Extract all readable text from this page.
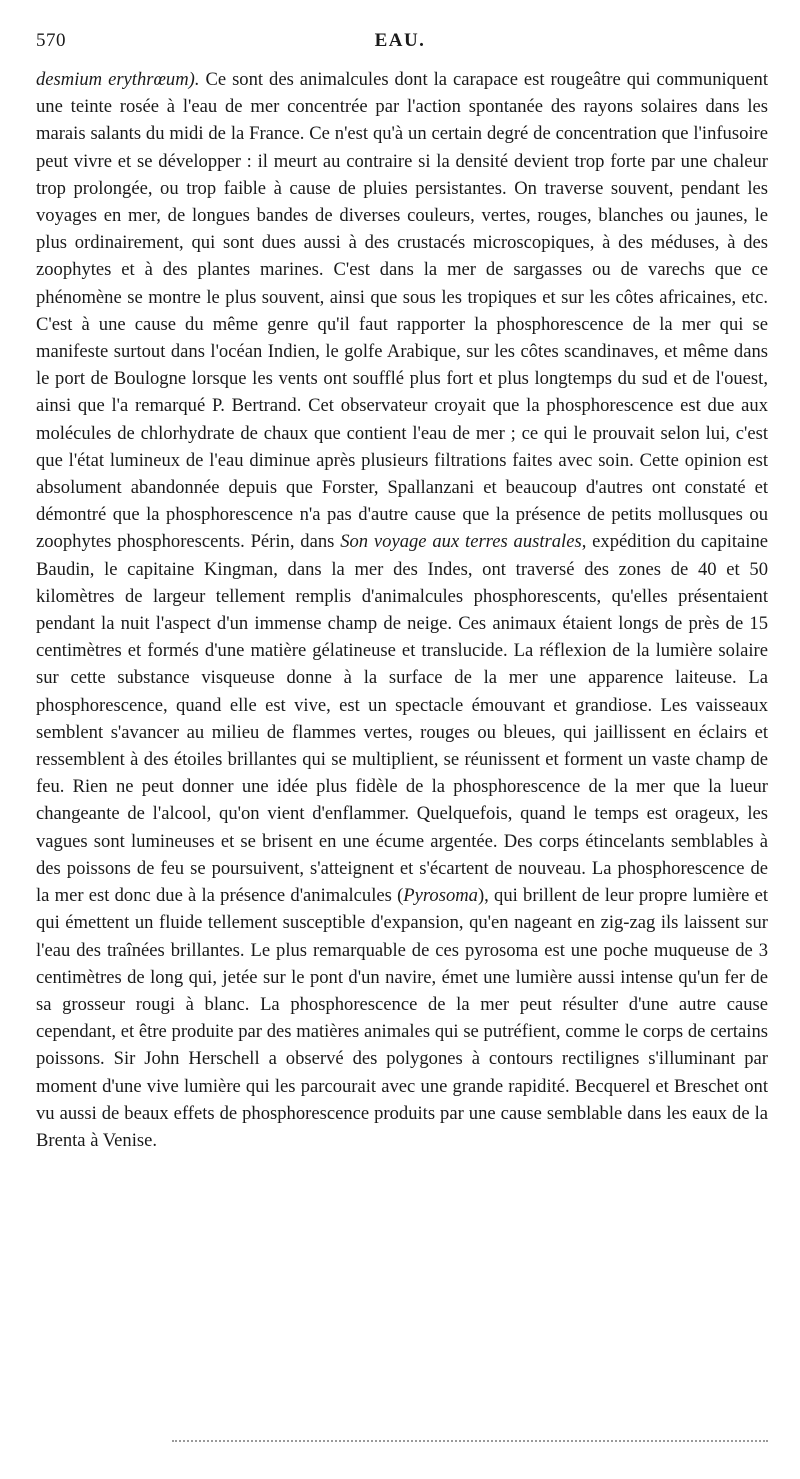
570	EAU.

desmium erythrœum). Ce sont des animalcules dont la carapace est rougeâtre qui communiquent une teinte rosée à l'eau de mer concentrée par l'action spontanée des rayons solaires dans les marais salants du midi de la France. Ce n'est qu'à un certain degré de concentration que l'infusoire peut vivre et se développer : il meurt au contraire si la densité devient trop forte par une chaleur trop prolongée, ou trop faible à cause de pluies persistantes. On traverse souvent, pendant les voyages en mer, de longues bandes de diverses couleurs, vertes, rouges, blanches ou jaunes, le plus ordinairement, qui sont dues aussi à des crustacés microscopiques, à des méduses, à des zoophytes et à des plantes marines. C'est dans la mer de sargasses ou de varechs que ce phénomène se montre le plus souvent, ainsi que sous les tropiques et sur les côtes africaines, etc. C'est à une cause du même genre qu'il faut rapporter la phosphorescence de la mer qui se manifeste surtout dans l'océan Indien, le golfe Arabique, sur les côtes scandinaves, et même dans le port de Boulogne lorsque les vents ont soufflé plus fort et plus longtemps du sud et de l'ouest, ainsi que l'a remarqué P. Bertrand. Cet observateur croyait que la phosphorescence est due aux molécules de chlorhydrate de chaux que contient l'eau de mer ; ce qui le prouvait selon lui, c'est que l'état lumineux de l'eau diminue après plusieurs filtrations faites avec soin. Cette opinion est absolument abandonnée depuis que Forster, Spallanzani et beaucoup d'autres ont constaté et démontré que la phosphorescence n'a pas d'autre cause que la présence de petits mollusques ou zoophytes phosphorescents. Périn, dans Son voyage aux terres australes, expédition du capitaine Baudin, le capitaine Kingman, dans la mer des Indes, ont traversé des zones de 40 et 50 kilomètres de largeur tellement remplis d'animalcules phosphorescents, qu'elles présentaient pendant la nuit l'aspect d'un immense champ de neige. Ces animaux étaient longs de près de 15 centimètres et formés d'une matière gélatineuse et translucide. La réflexion de la lumière solaire sur cette substance visqueuse donne à la surface de la mer une apparence laiteuse. La phosphorescence, quand elle est vive, est un spectacle émouvant et grandiose. Les vaisseaux semblent s'avancer au milieu de flammes vertes, rouges ou bleues, qui jaillissent en éclairs et ressemblent à des étoiles brillantes qui se multiplient, se réunissent et forment un vaste champ de feu. Rien ne peut donner une idée plus fidèle de la phosphorescence de la mer que la lueur changeante de l'alcool, qu'on vient d'enflammer. Quelquefois, quand le temps est orageux, les vagues sont lumineuses et se brisent en une écume argentée. Des corps étincelants semblables à des poissons de feu se poursuivent, s'atteignent et s'écartent de nouveau. La phosphorescence de la mer est donc due à la présence d'animalcules (Pyrosoma), qui brillent de leur propre lumière et qui émettent un fluide tellement susceptible d'expansion, qu'en nageant en zig-zag ils laissent sur l'eau des traînées brillantes. Le plus remarquable de ces pyrosoma est une poche muqueuse de 3 centimètres de long qui, jetée sur le pont d'un navire, émet une lumière aussi intense qu'un fer de sa grosseur rougi à blanc. La phosphorescence de la mer peut résulter d'une autre cause cependant, et être produite par des matières animales qui se putréfient, comme le corps de certains poissons. Sir John Herschell a observé des polygones à contours rectilignes s'illuminant par moment d'une vive lumière qui les parcourait avec une grande rapidité. Becquerel et Breschet ont vu aussi de beaux effets de phosphorescence produits par une cause semblable dans les eaux de la Brenta à Venise.
